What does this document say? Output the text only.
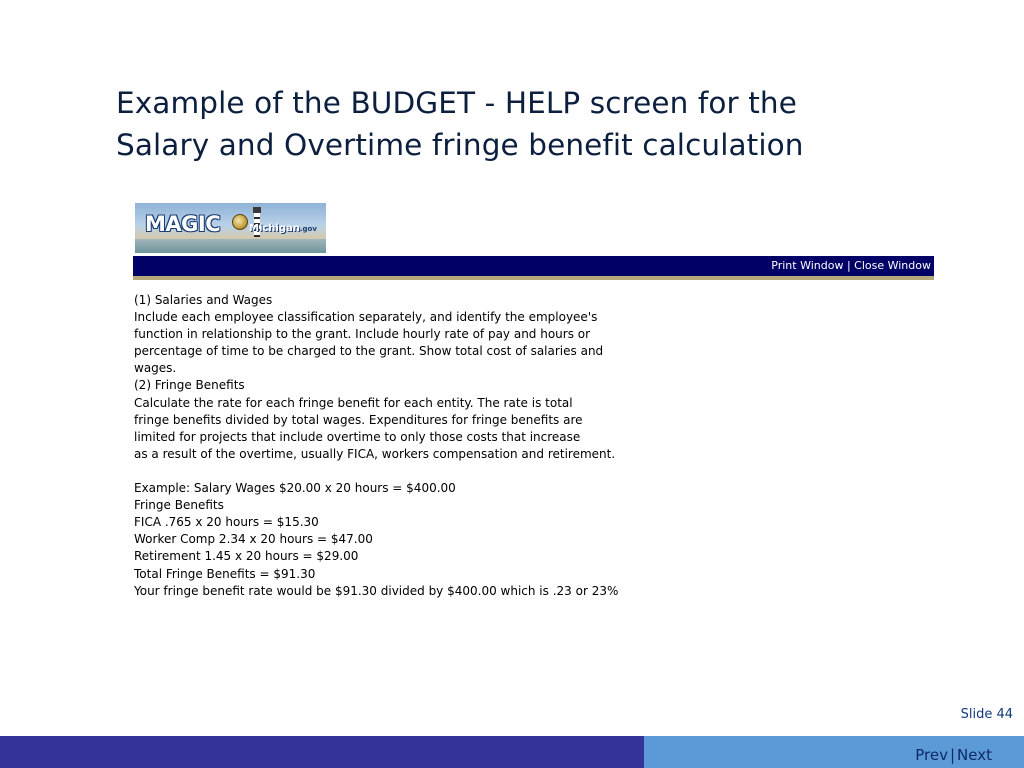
Example of the BUDGET - HELP screen for the
Salary and Overtime fringe benefit calculation
MAGIC	Michigan.gov
Print Window | Close Window
(1) Salaries and Wages
Include each employee classification separately, and identify the employee's
function in relationship to the grant. Include hourly rate of pay and hours or
percentage of time to be charged to the grant. Show total cost of salaries and
wages.
(2) Fringe Benefits
Calculate the rate for each fringe benefit for each entity. The rate is total
fringe benefits divided by total wages. Expenditures for fringe benefits are
limited for projects that include overtime to only those costs that increase
as a result of the overtime, usually FICA, workers compensation and retirement.
Example: Salary Wages $20.00 x 20 hours = $400.00
Fringe Benefits
FICA .765 x 20 hours = $15.30
Worker Comp 2.34 x 20 hours = $47.00
Retirement 1.45 x 20 hours = $29.00
Total Fringe Benefits = $91.30
Your fringe benefit rate would be $91.30 divided by $400.00 which is .23 or 23%
Slide 44
Prev | Next
